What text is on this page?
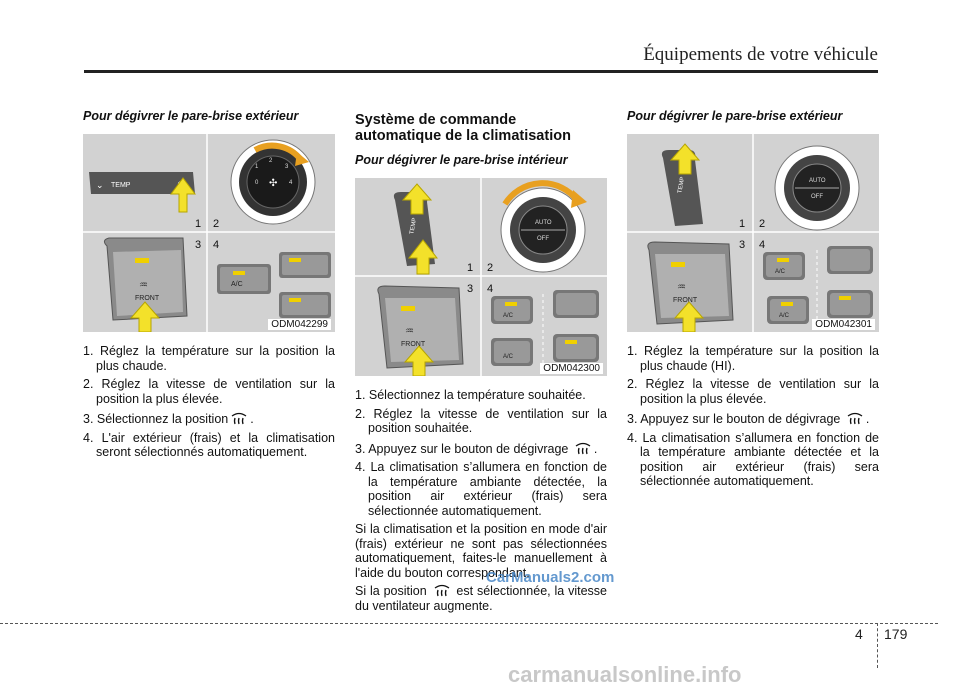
Équipements de votre véhicule
Pour dégivrer le pare-brise extérieur
TEMP
⌄
1 2
✣
1
2
3
4
0
♒
FRONT
3 4
A/C
ODM042299
1. Réglez la température sur la position la plus chaude.
2. Réglez la vitesse de ventilation sur la position la plus élevée.
3. Sélectionnez la position .
4. L'air extérieur (frais) et la climatisation seront sélectionnés automatiquement.
Système de commande
automatique de la climatisation
Pour dégivrer le pare-brise intérieur
TEMP
1 2
AUTO
OFF
♒
FRONT
3 4
A/C
A/C
ODM042300
1. Sélectionnez la température souhaitée.
2. Réglez la vitesse de ventilation sur la position souhaitée.
3. Appuyez sur le bouton de dégivrage .
4. La climatisation s’allumera en fonction de la température ambiante détectée, la position air extérieur (frais) sera sélectionnée automatiquement.
Si la climatisation et la position en mode d'air (frais) extérieur ne sont pas sélectionnées automatiquement, faites-le manuellement à l'aide du bouton correspondant.
Si la position est sélectionnée, la vitesse du ventilateur augmente.
Pour dégivrer le pare-brise extérieur
TEMP
1 2
AUTO
OFF
♒
FRONT
3 4
A/C
A/C
ODM042301
1. Réglez la température sur la position la plus chaude (HI).
2. Réglez la vitesse de ventilation sur la position la plus élevée.
3. Appuyez sur le bouton de dégivrage .
4. La climatisation s’allumera en fonction de la température ambiante détectée et la position air extérieur (frais) sera sélectionnée automatiquement.
4 179
CarManuals2.com
carmanualsonline.info
